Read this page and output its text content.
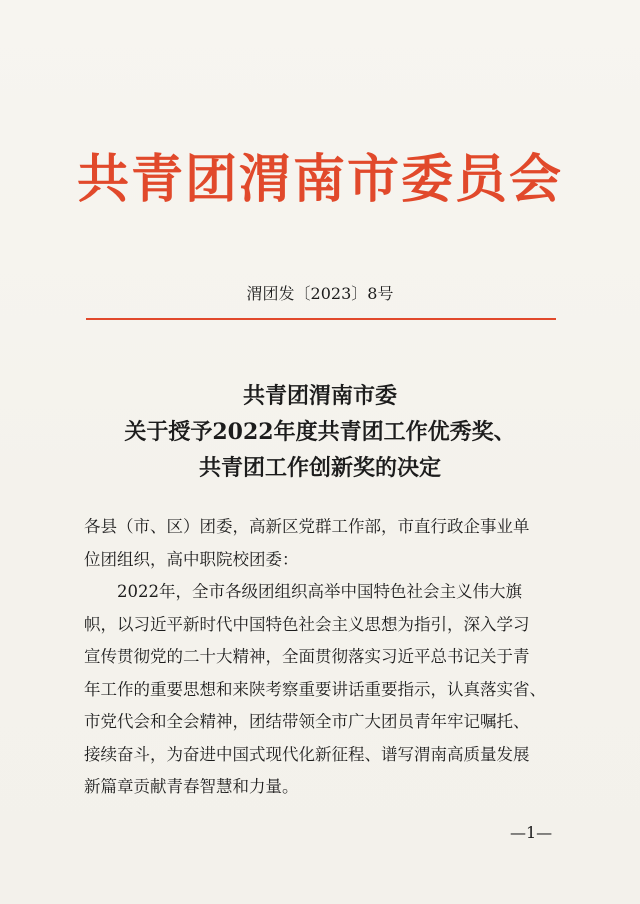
共青团渭南市委员会
渭团发〔2023〕8号
共青团渭南市委
关于授予2022年度共青团工作优秀奖、
共青团工作创新奖的决定
各县（市、区）团委，高新区党群工作部，市直行政企事业单
位团组织，高中职院校团委：
2022年，全市各级团组织高举中国特色社会主义伟大旗
帜，以习近平新时代中国特色社会主义思想为指引，深入学习
宣传贯彻党的二十大精神，全面贯彻落实习近平总书记关于青
年工作的重要思想和来陕考察重要讲话重要指示，认真落实省、
市党代会和全会精神，团结带领全市广大团员青年牢记嘱托、
接续奋斗，为奋进中国式现代化新征程、谱写渭南高质量发展
新篇章贡献青春智慧和力量。
—1—
